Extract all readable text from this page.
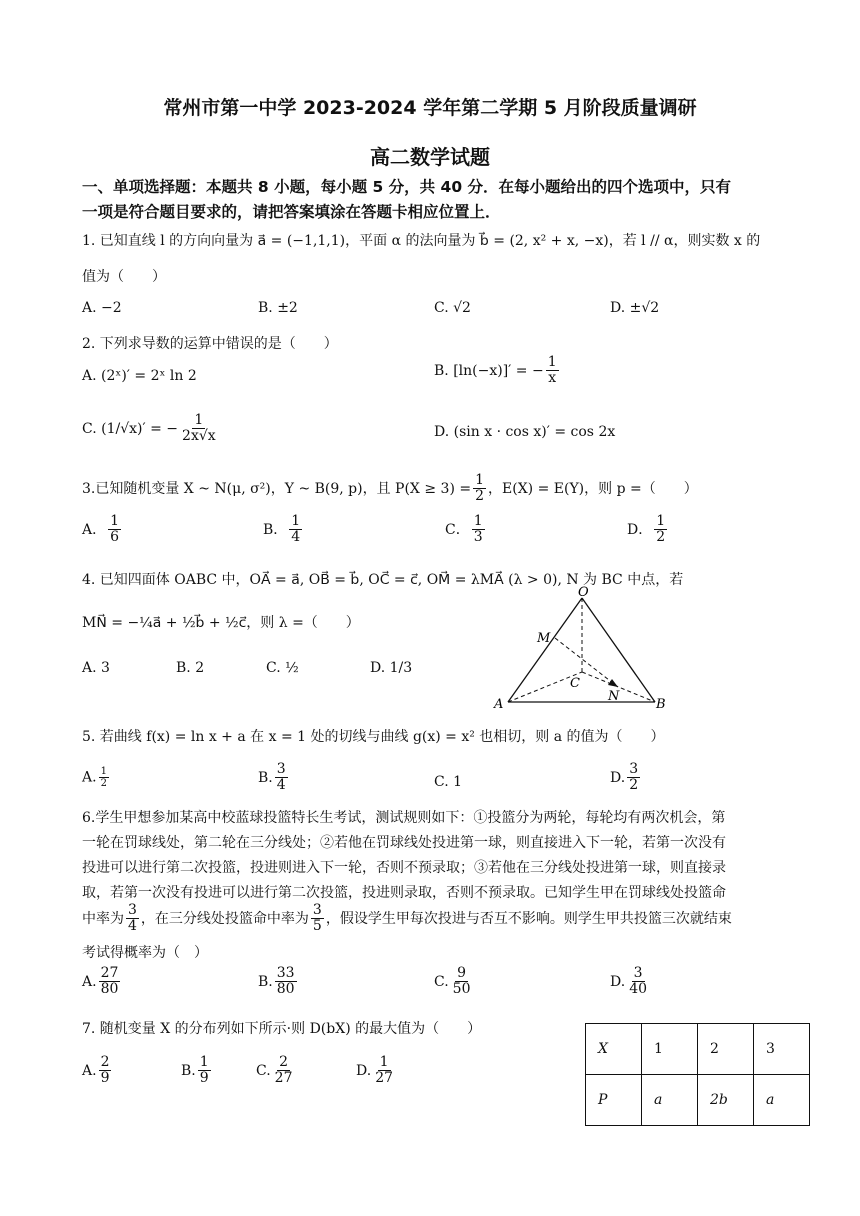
常州市第一中学 2023-2024 学年第二学期 5 月阶段质量调研
高二数学试题
一、单项选择题：本题共 8 小题，每小题 5 分，共 40 分．在每小题给出的四个选项中，只有
一项是符合题目要求的，请把答案填涂在答题卡相应位置上．
1. 已知直线 l 的方向向量为 a⃗ = (−1,1,1)，平面 α 的法向量为 b⃗ = (2, x² + x, −x)，若 l // α，则实数 x 的
值为（　　）
A. −2	B. ±2	C. √2	D. ±√2
2. 下列求导数的运算中错误的是（　　）
A. (2ˣ)′ = 2ˣ ln 2	B. [ln(−x)]′ = − $\frac{1}{x}$
C. (1/√x)′ = − $\frac{1}{2x√x}$	D. (sin x · cos x)′ = cos 2x
3.已知随机变量 X ~ N(μ, σ²)，Y ~ B(9, p)，且 $P(X \ge 3) = \frac{1}{2}$ ，E(X) = E(Y)，则 p =（　　）
A． $\frac{1}{6}$	B． $\frac{1}{4}$	C． $\frac{1}{3}$	D． $\frac{1}{2}$
4. 已知四面体 OABC 中，OA⃗ = a⃗, OB⃗ = b⃗, OC⃗ = c⃗, OM⃗ = λMA⃗ (λ > 0), N 为 BC 中点，若
MN⃗ = −¼a⃗ + ½b⃗ + ½c⃗，则 λ =（　　）
A. 3	B. 2	C. ½	D. 1/3
O
M
C
N
A	B
5. 若曲线 f(x) = ln x + a 在 x = 1 处的切线与曲线 g(x) = x² 也相切，则 a 的值为（　　）
A. $\frac{1}{2}$	B. $\frac{3}{4}$	C. 1	D. $\frac{3}{2}$
6.学生甲想参加某高中校蓝球投篮特长生考试，测试规则如下：①投篮分为两轮，每轮均有两次机会，第
一轮在罚球线处，第二轮在三分线处；②若他在罚球线处投进第一球，则直接进入下一轮，若第一次没有
投进可以进行第二次投篮，投进则进入下一轮，否则不预录取；③若他在三分线处投进第一球，则直接录
取，若第一次没有投进可以进行第二次投篮，投进则录取，否则不预录取。已知学生甲在罚球线处投篮命
中率为 $\frac{3}{4}$ ，在三分线处投篮命中率为 $\frac{3}{5}$ ，假设学生甲每次投进与否互不影响。则学生甲共投篮三次就结束
考试得概率为（　）
A. $\frac{27}{80}$	B. $\frac{33}{80}$	C. $\frac{9}{50}$	D. $\frac{3}{40}$
7. 随机变量 X 的分布列如下所示·则 D(bX) 的最大值为（　　）
A. $\frac{2}{9}$	B. $\frac{1}{9}$	C. $\frac{2}{27}$	D. $\frac{1}{27}$
X	1	2	3
P	a	2b	a
